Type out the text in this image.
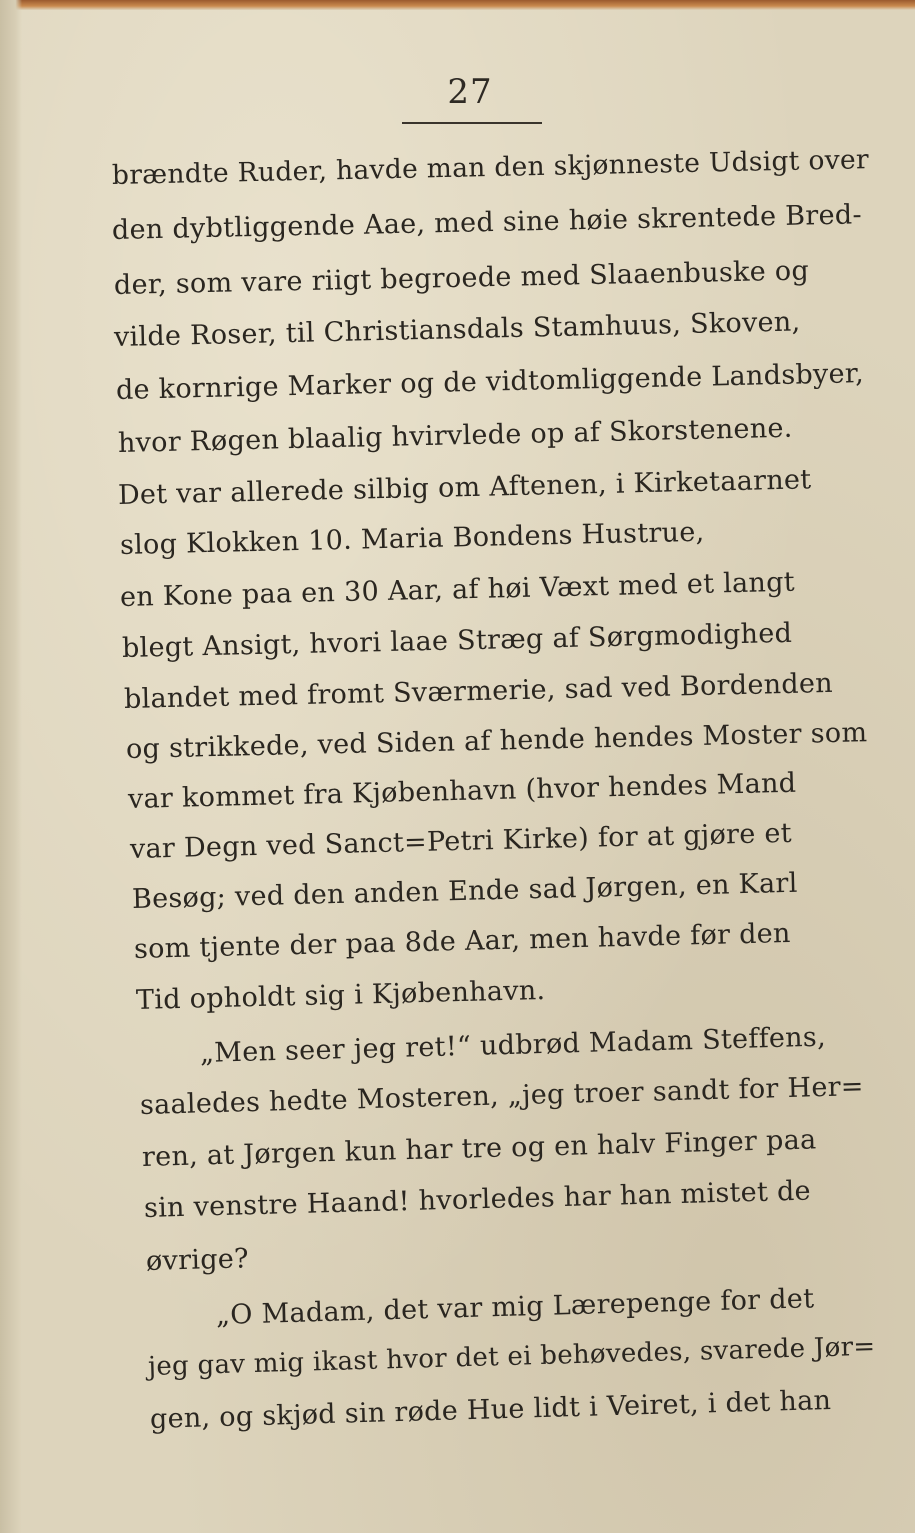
27
brændte Ruder, havde man den skjønneste Udsigt over
den dybtliggende Aae, med sine høie skrentede Bred-
der, som vare riigt begroede med Slaaenbuske og
vilde Roser, til Christiansdals Stamhuus, Skoven,
de kornrige Marker og de vidtomliggende Landsbyer,
hvor Røgen blaalig hvirvlede op af Skorstenene.
Det var allerede silbig om Aftenen, i Kirketaarnet
slog Klokken 10. Maria Bondens Hustrue,
en Kone paa en 30 Aar, af høi Væxt med et langt
blegt Ansigt, hvori laae Stræg af Sørgmodighed
blandet med fromt Sværmerie, sad ved Bordenden
og strikkede, ved Siden af hende hendes Moster som
var kommet fra Kjøbenhavn (hvor hendes Mand
var Degn ved Sanct=Petri Kirke) for at gjøre et
Besøg; ved den anden Ende sad Jørgen, en Karl
som tjente der paa 8de Aar, men havde før den
Tid opholdt sig i Kjøbenhavn.
„Men seer jeg ret!“ udbrød Madam Steffens,
saaledes hedte Mosteren, „jeg troer sandt for Her=
ren, at Jørgen kun har tre og en halv Finger paa
sin venstre Haand! hvorledes har han mistet de
øvrige?
„O Madam, det var mig Lærepenge for det
jeg gav mig ikast hvor det ei behøvedes, svarede Jør=
gen, og skjød sin røde Hue lidt i Veiret, i det han
